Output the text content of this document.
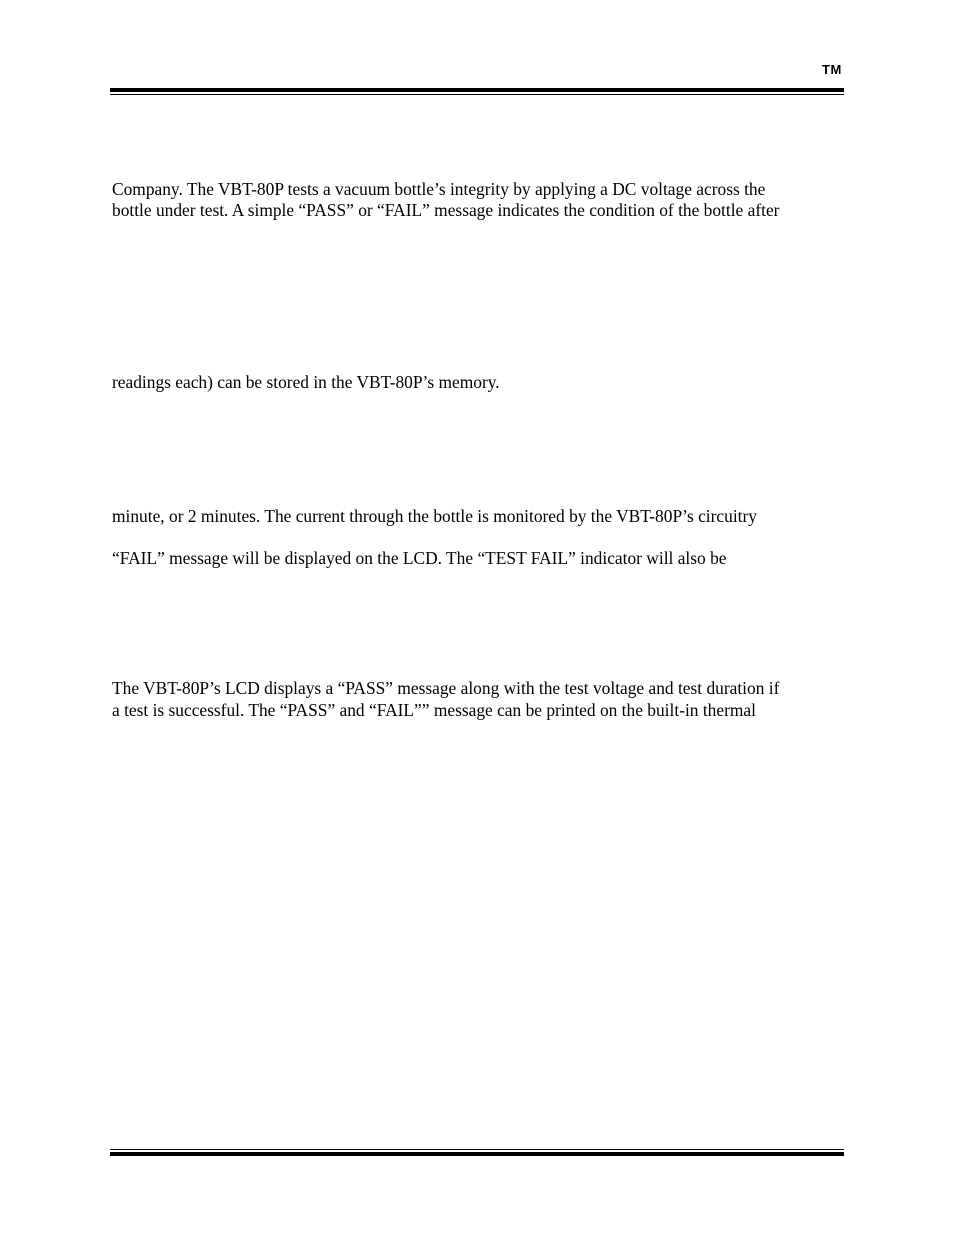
TM
Company. The VBT-80P tests a vacuum bottle’s integrity by applying a DC voltage across the
bottle under test. A simple “PASS” or “FAIL” message indicates the condition of the bottle after
readings each) can be stored in the VBT-80P’s memory.
minute, or 2 minutes. The current through the bottle is monitored by the VBT-80P’s circuitry
“FAIL” message will be displayed on the LCD. The “TEST FAIL” indicator will also be
The VBT-80P’s LCD displays a “PASS” message along with the test voltage and test duration if
a test is successful. The “PASS” and “FAIL”” message can be printed on the built-in thermal
